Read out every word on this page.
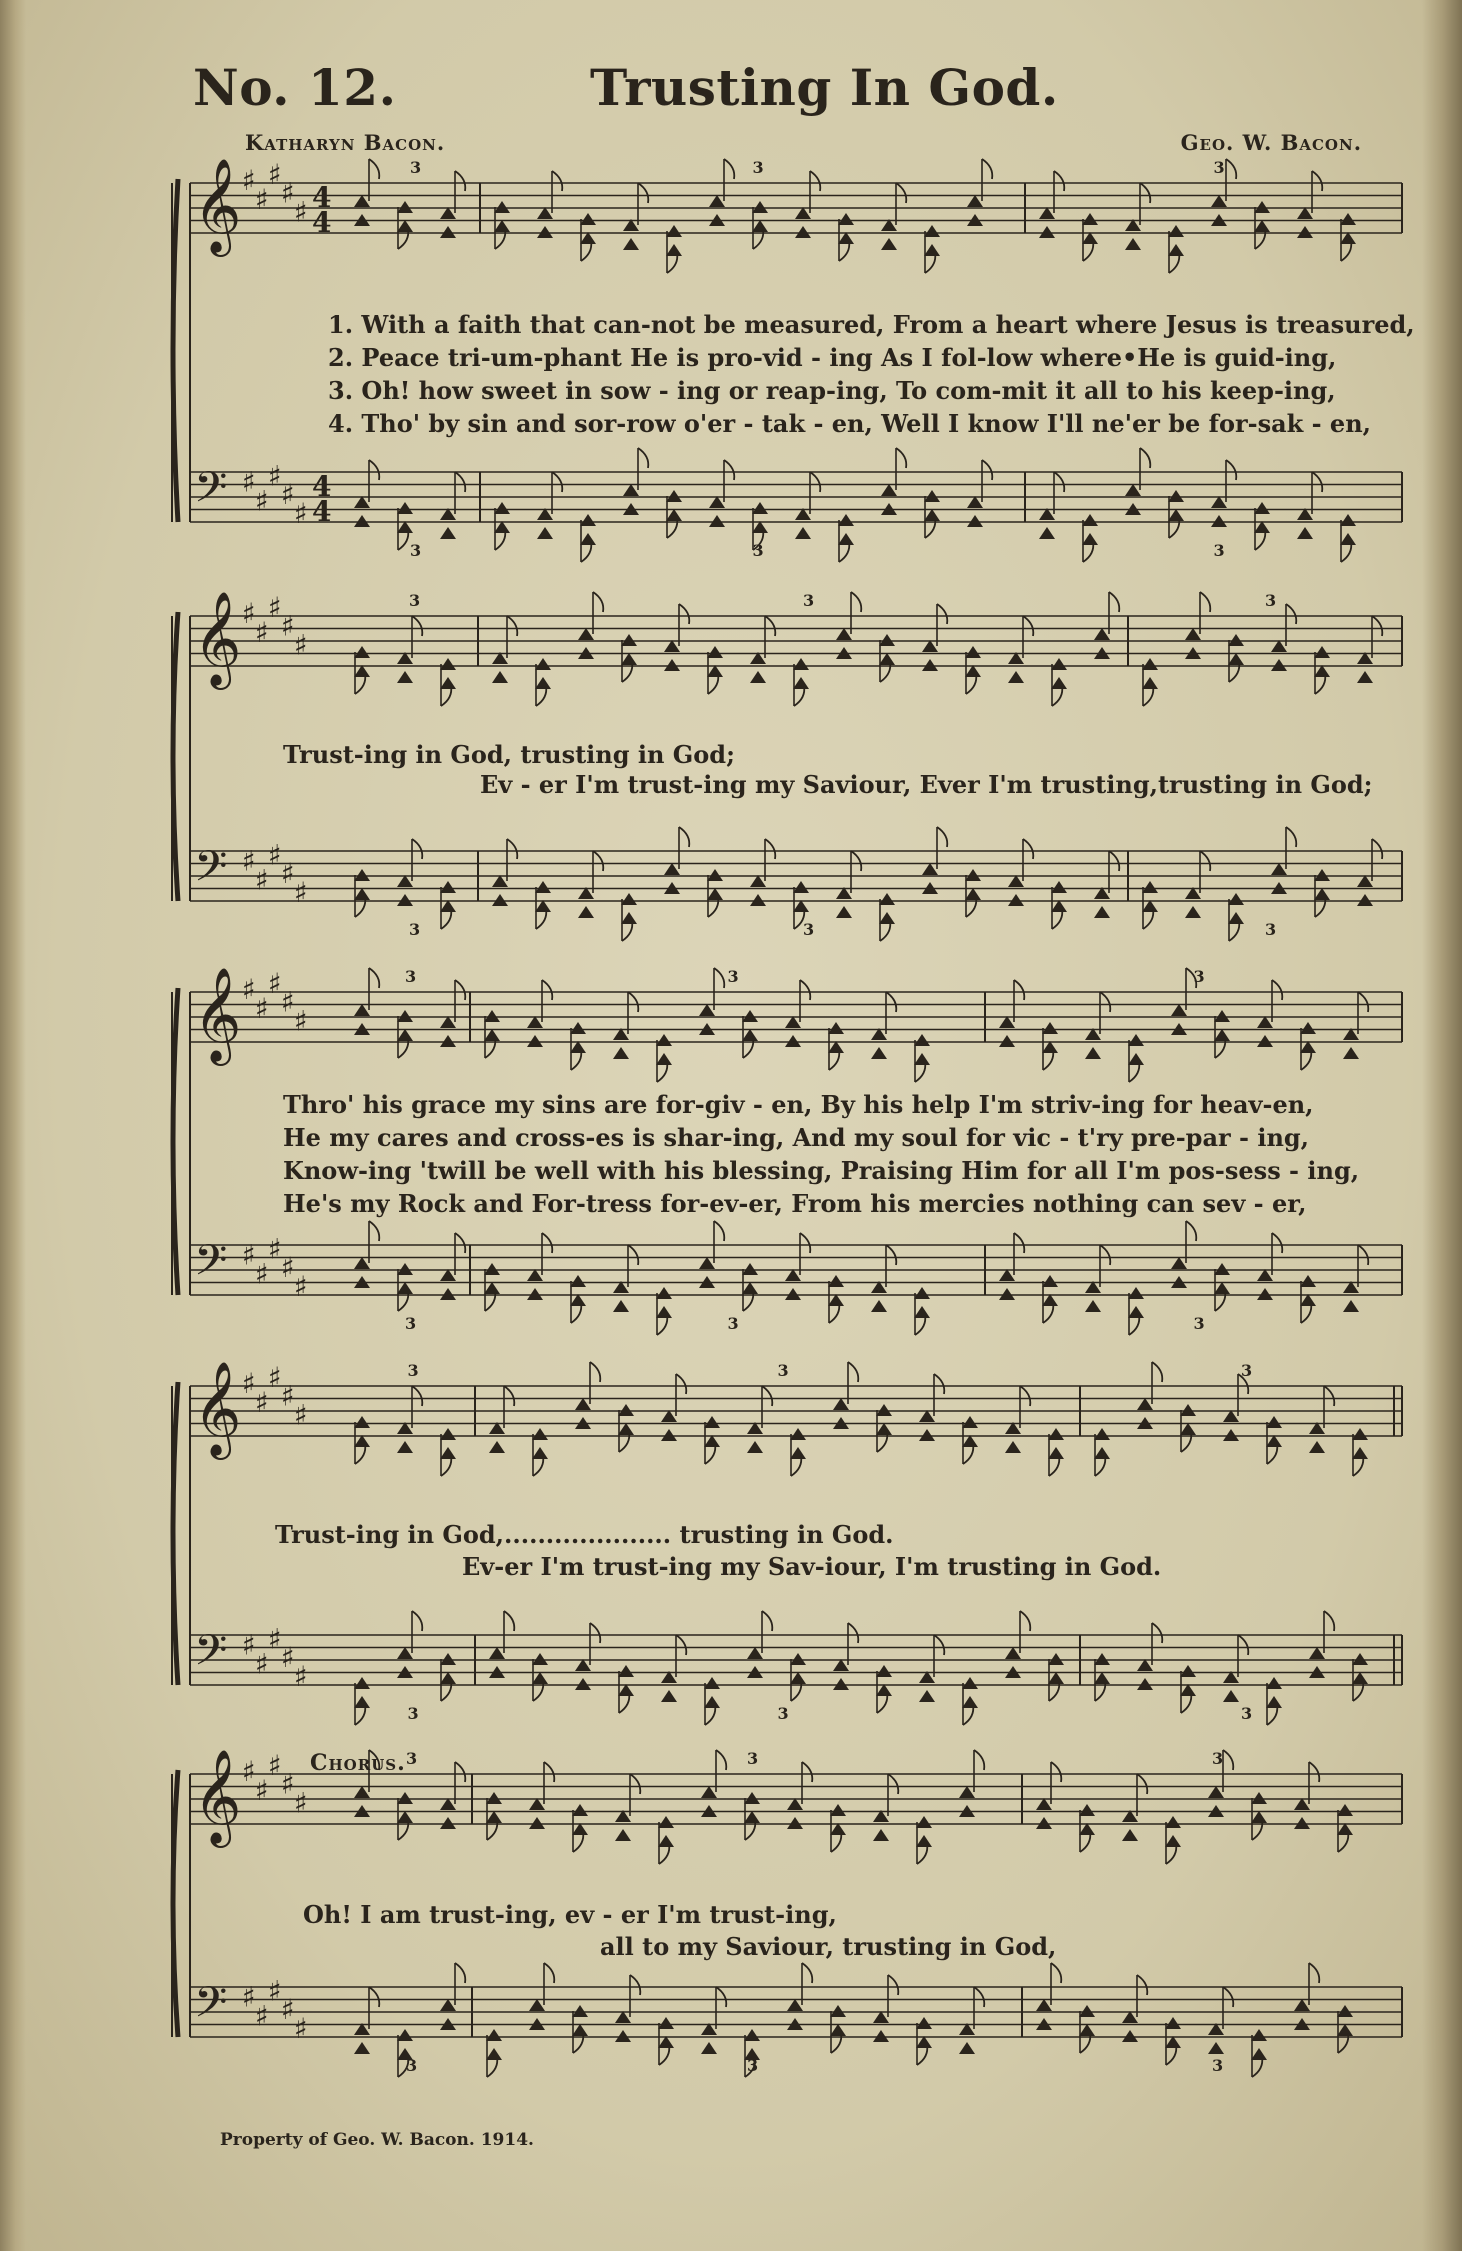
No. 12.	Trusting In God.
Katharyn Bacon.	Geo. W. Bacon.
𝄞
𝄢
♯
♯
♯
♯
♯
♯
♯
♯
♯
♯
4
4
4
4
3
3
3
3
3
3
𝄞
𝄢
♯
♯
♯
♯
♯
♯
♯
♯
♯
♯
3
3
3
3
3
3
𝄞
𝄢
♯
♯
♯
♯
♯
♯
♯
♯
♯
♯
3
3
3
3
3
3
𝄞
𝄢
♯
♯
♯
♯
♯
♯
♯
♯
♯
♯
3
3
3
3
3
3
𝄞
𝄢
♯
♯
♯
♯
♯
♯
♯
♯
♯
♯
3
3
3
3
3
3
1. With a faith that can-not be measured, From a heart where Jesus is treasured,
2. Peace tri-um-phant He is pro-vid - ing As I fol-low where•He is guid-ing,
3. Oh! how sweet in sow - ing or reap-ing, To com-mit it all to his keep-ing,
4. Tho' by sin and sor-row o'er - tak - en, Well I know I'll ne'er be for-sak - en,
Trust-ing in God, trusting in God;
Ev - er I'm trust-ing my Saviour, Ever I'm trusting,trusting in God;
Thro' his grace my sins are for-giv - en, By his help I'm striv-ing for heav-en,
He my cares and cross-es is shar-ing, And my soul for vic - t'ry pre-par - ing,
Know-ing 'twill be well with his blessing, Praising Him for all I'm pos-sess - ing,
He's my Rock and For-tress for-ev-er, From his mercies nothing can sev - er,
Trust-ing in God,.................... trusting in God.
Ev-er I'm trust-ing my Sav-iour, I'm trusting in God.
Chorus.
Oh! I am trust-ing, ev - er I'm trust-ing,
all to my Saviour, trusting in God,
Property of Geo. W. Bacon. 1914.
